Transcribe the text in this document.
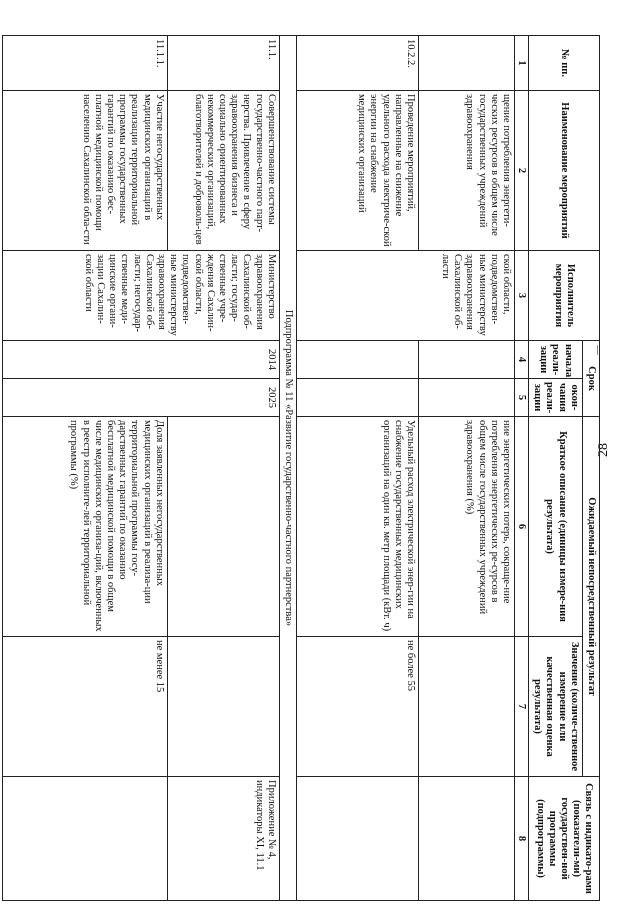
28
№ пп.	Наименование мероприятий	Исполнитель мероприятия	Срок		Ожидаемый непосредственный результат		Связь с индикато-рами (показатели-ми) государствен-ной программы (подпрограммы)
			начала реали-зации	окон-чания реали-зации	Краткое описание (единицы измере-ния результата)	Значение (количе-ственное измерение или качественная оценка результата)	
1	2	3	4	5	6	7	8
	щение потребления энергети-ческих ресурсов в общем числе государственных учреждений здравоохранения	ской области, подведомствен-ные министерству здравоохранения Сахалинской об-ласти			ние энергетических потерь, сокраще-ние потребления энергетических ре-сурсов в общем числе государственных учреждений здравоохранения (%)		
10.2.2.	Проведение мероприятий, направленные на снижение удельного расхода электриче-ской энергии на снабжение медицинских организаций				Удельный расход электрической энер-гии на снабжение государственных медицинских организаций на один кв. метр площади (кВт. ч)	не более 55	
Подпрограмма № 11 «Развитие государственно-частного партнерства»							
11.1.	Совершенствование системы государственно-частного парт-нерства. Привлечение в сферу здравоохранения бизнеса и социально ориентированных некоммерческих организаций, благотворителей и доброволь-цев	Министерство здравоохранения Сахалинской об-ласти; государ-ственные учре-ждения Сахалин-ской области, подведомствен-ные министерству здравоохранения Сахалинской об-ласти; негосудар-ственные меди-цинские органи-зации Сахалин-ской области	2014	2025			Приложение № 4, индикаторы XI, 11.1
11.1.1.	Участие негосударственных медицинских организаций в реализации территориальной программы государственных гарантий по оказанию бес-платной медицинской помощи населению Сахалинской обла-сти				Доля заявленных негосударственных медицинских организаций в реализа-ции территориальной программы госу-дарственных гарантий по оказанию бесплатной медицинской помощи в общем числе медицинских организа-ций, включенных в реестр исполните-лей территориальной программы (%)	не менее 15	
